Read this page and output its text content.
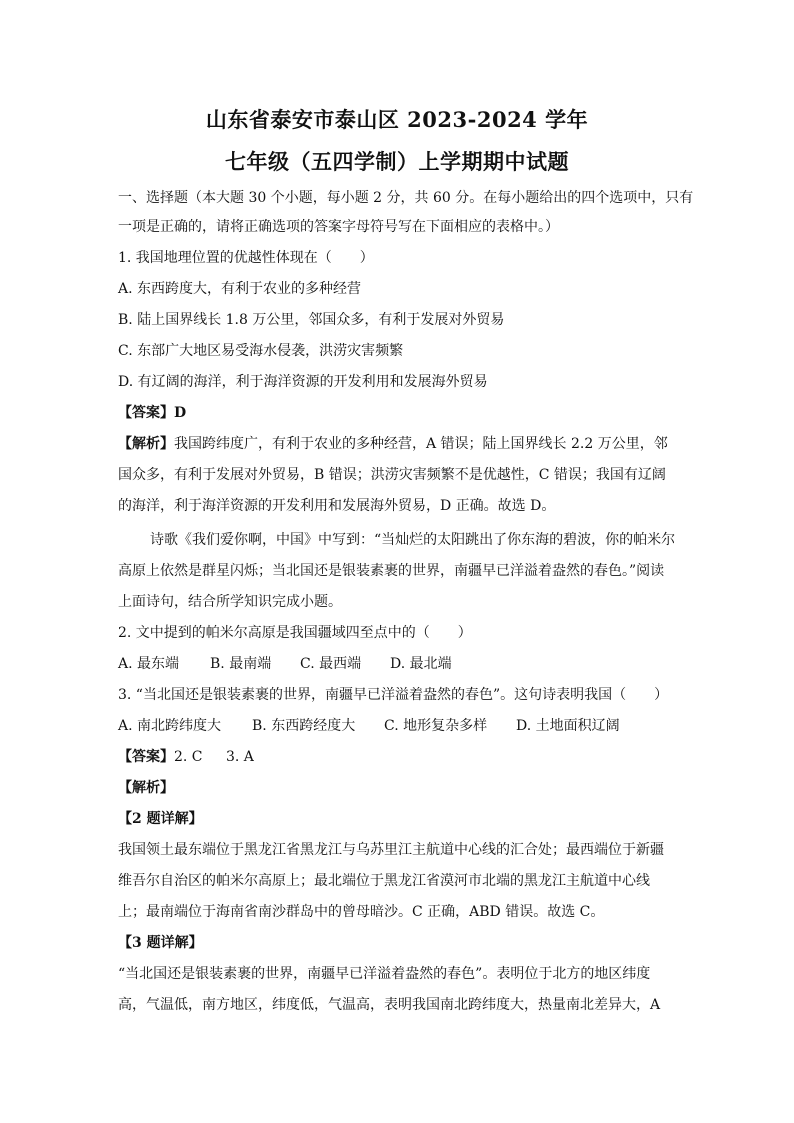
山东省泰安市泰山区 2023-2024 学年
七年级（五四学制）上学期期中试题
一、选择题（本大题 30 个小题，每小题 2 分，共 60 分。在每小题给出的四个选项中，只有
一项是正确的，请将正确选项的答案字母符号写在下面相应的表格中。）
1. 我国地理位置的优越性体现在（　　）
A. 东西跨度大，有利于农业的多种经营
B. 陆上国界线长 1.8 万公里，邻国众多，有利于发展对外贸易
C. 东部广大地区易受海水侵袭，洪涝灾害频繁
D. 有辽阔的海洋，利于海洋资源的开发利用和发展海外贸易
【答案】D
【解析】我国跨纬度广，有利于农业的多种经营，A 错误；陆上国界线长 2.2 万公里，邻
国众多，有利于发展对外贸易，B 错误；洪涝灾害频繁不是优越性，C 错误；我国有辽阔
的海洋，利于海洋资源的开发利用和发展海外贸易，D 正确。故选 D。
诗歌《我们爱你啊，中国》中写到：“当灿烂的太阳跳出了你东海的碧波，你的帕米尔
高原上依然是群星闪烁；当北国还是银装素裹的世界，南疆早已洋溢着盎然的春色。”阅读
上面诗句，结合所学知识完成小题。
2. 文中提到的帕米尔高原是我国疆域四至点中的（　　）
A. 最东端 B. 最南端 C. 最西端 D. 最北端
3. “当北国还是银装素裹的世界，南疆早已洋溢着盎然的春色”。这句诗表明我国（　　）
A. 南北跨纬度大 B. 东西跨经度大 C. 地形复杂多样 D. 土地面积辽阔
【答案】2. C 3. A
【解析】
【2 题详解】
我国领土最东端位于黑龙江省黑龙江与乌苏里江主航道中心线的汇合处；最西端位于新疆
维吾尔自治区的帕米尔高原上；最北端位于黑龙江省漠河市北端的黑龙江主航道中心线
上；最南端位于海南省南沙群岛中的曾母暗沙。C 正确，ABD 错误。故选 C。
【3 题详解】
“当北国还是银装素裹的世界，南疆早已洋溢着盎然的春色”。表明位于北方的地区纬度
高，气温低，南方地区，纬度低，气温高，表明我国南北跨纬度大，热量南北差异大，A
